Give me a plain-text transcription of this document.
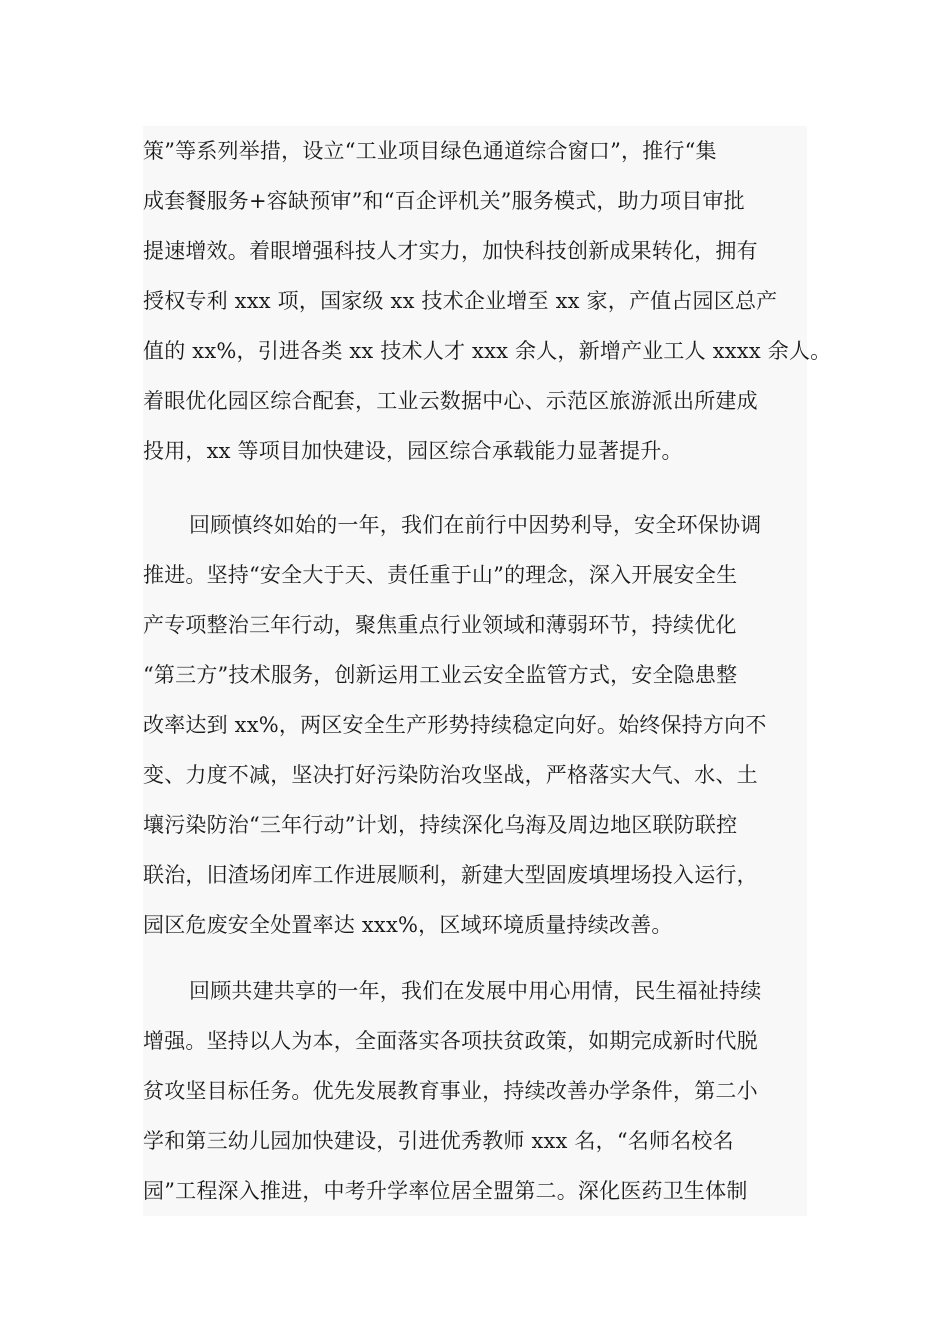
策”等系列举措，设立“工业项目绿色通道综合窗口”，推行“集
成套餐服务+容缺预审”和“百企评机关”服务模式，助力项目审批
提速增效。着眼增强科技人才实力，加快科技创新成果转化，拥有
授权专利 xxx 项，国家级 xx 技术企业增至 xx 家，产值占园区总产
值的 xx%，引进各类 xx 技术人才 xxx 余人，新增产业工人 xxxx 余人。
着眼优化园区综合配套，工业云数据中心、示范区旅游派出所建成
投用，xx 等项目加快建设，园区综合承载能力显著提升。
回顾慎终如始的一年，我们在前行中因势利导，安全环保协调
推进。坚持“安全大于天、责任重于山”的理念，深入开展安全生
产专项整治三年行动，聚焦重点行业领域和薄弱环节，持续优化
“第三方”技术服务，创新运用工业云安全监管方式，安全隐患整
改率达到 xx%，两区安全生产形势持续稳定向好。始终保持方向不
变、力度不减，坚决打好污染防治攻坚战，严格落实大气、水、土
壤污染防治“三年行动”计划，持续深化乌海及周边地区联防联控
联治，旧渣场闭库工作进展顺利，新建大型固废填埋场投入运行，
园区危废安全处置率达 xxx%，区域环境质量持续改善。
回顾共建共享的一年，我们在发展中用心用情，民生福祉持续
增强。坚持以人为本，全面落实各项扶贫政策，如期完成新时代脱
贫攻坚目标任务。优先发展教育事业，持续改善办学条件，第二小
学和第三幼儿园加快建设，引进优秀教师 xxx 名，“名师名校名
园”工程深入推进，中考升学率位居全盟第二。深化医药卫生体制
